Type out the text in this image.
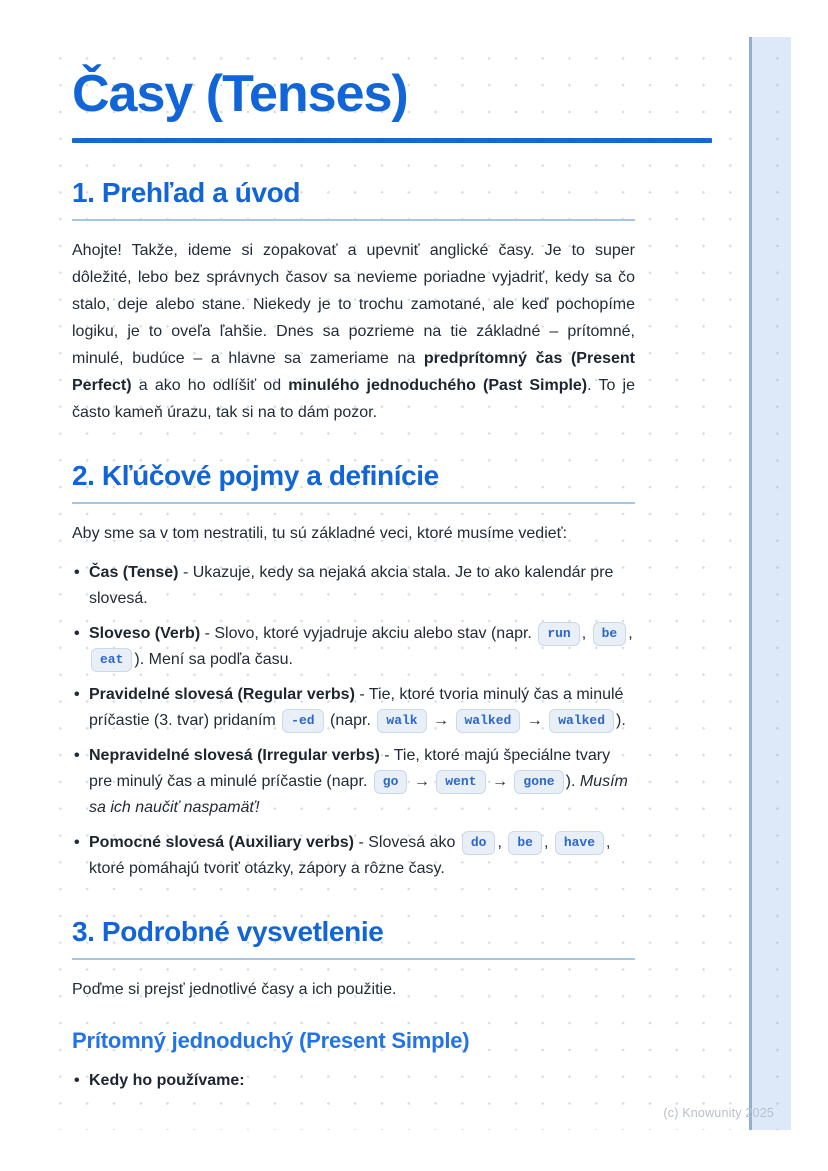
Časy (Tenses)
1. Prehľad a úvod

Ahojte! Takže, ideme si zopakovať a upevniť anglické časy. Je to super dôležité, lebo bez správnych časov sa nevieme poriadne vyjadriť, kedy sa čo stalo, deje alebo stane. Niekedy je to trochu zamotané, ale keď pochopíme logiku, je to oveľa ľahšie. Dnes sa pozrieme na tie základné – prítomné, minulé, budúce – a hlavne sa zameriame na predprítomný čas (Present Perfect) a ako ho odlíšiť od minulého jednoduchého (Past Simple). To je často kameň úrazu, tak si na to dám pozor.

2. Kľúčové pojmy a definície

Aby sme sa v tom nestratili, tu sú základné veci, ktoré musíme vedieť:

• Čas (Tense) - Ukazuje, kedy sa nejaká akcia stala. Je to ako kalendár pre slovesá.
• Sloveso (Verb) - Slovo, ktoré vyjadruje akciu alebo stav (napr. run , be , eat ). Mení sa podľa času.
• Pravidelné slovesá (Regular verbs) - Tie, ktoré tvoria minulý čas a minulé príčastie (3. tvar) pridaním -ed (napr. walk → walked → walked ).
• Nepravidelné slovesá (Irregular verbs) - Tie, ktoré majú špeciálne tvary pre minulý čas a minulé príčastie (napr. go → went → gone ). Musím sa ich naučiť naspamäť!
• Pomocné slovesá (Auxiliary verbs) - Slovesá ako do , be , have , ktoré pomáhajú tvoriť otázky, zápory a rôzne časy.
3. Podrobné vysvetlenie

Poďme si prejsť jednotlivé časy a ich použitie.

Prítomný jednoduchý (Present Simple)
• Kedy ho používame:
(c) Knowunity 2025
